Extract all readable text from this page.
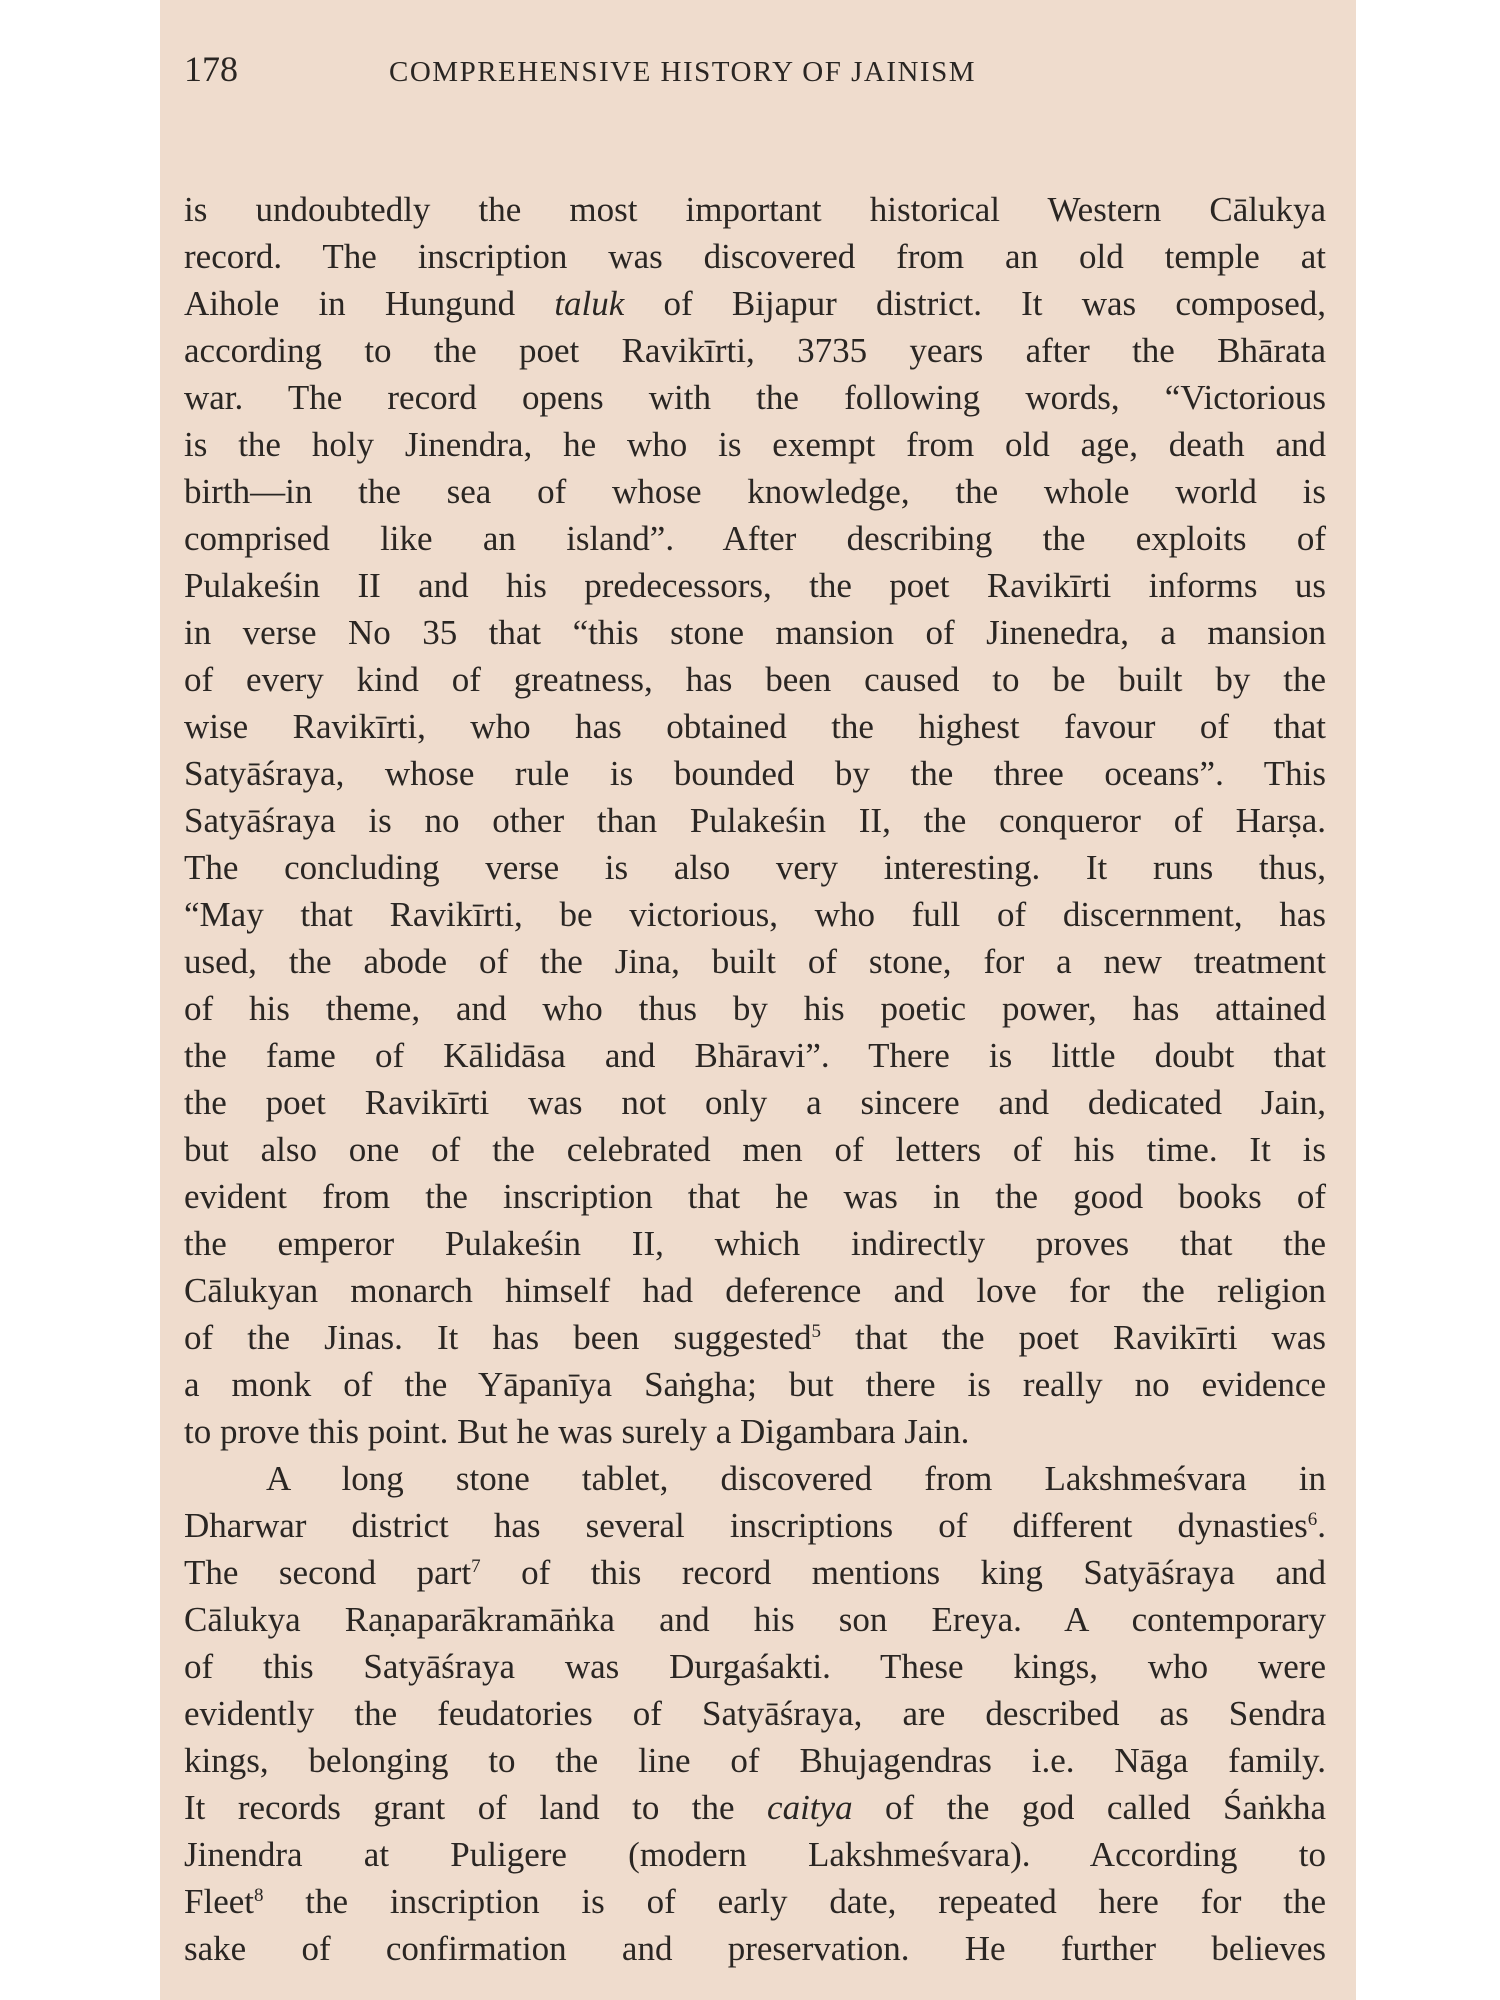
178	COMPREHENSIVE HISTORY OF JAINISM
is undoubtedly the most important historical Western Cālukya
record. The inscription was discovered from an old temple at
Aihole in Hungund taluk of Bijapur district. It was composed,
according to the poet Ravikīrti, 3735 years after the Bhārata
war. The record opens with the following words, “Victorious
is the holy Jinendra, he who is exempt from old age, death and
birth—in the sea of whose knowledge, the whole world is
comprised like an island”. After describing the exploits of
Pulakeśin II and his predecessors, the poet Ravikīrti informs us
in verse No 35 that “this stone mansion of Jinenedra, a mansion
of every kind of greatness, has been caused to be built by the
wise Ravikīrti, who has obtained the highest favour of that
Satyāśraya, whose rule is bounded by the three oceans”. This
Satyāśraya is no other than Pulakeśin II, the conqueror of Harṣa.
The concluding verse is also very interesting. It runs thus,
“May that Ravikīrti, be victorious, who full of discernment, has
used, the abode of the Jina, built of stone, for a new treatment
of his theme, and who thus by his poetic power, has attained
the fame of Kālidāsa and Bhāravi”. There is little doubt that
the poet Ravikīrti was not only a sincere and dedicated Jain,
but also one of the celebrated men of letters of his time. It is
evident from the inscription that he was in the good books of
the emperor Pulakeśin II, which indirectly proves that the
Cālukyan monarch himself had deference and love for the religion
of the Jinas. It has been suggested$^5$ that the poet Ravikīrti was
a monk of the Yāpanīya Saṅgha; but there is really no evidence
to prove this point. But he was surely a Digambara Jain.
A long stone tablet, discovered from Lakshmeśvara in
Dharwar district has several inscriptions of different dynasties$^6$.
The second part$^7$ of this record mentions king Satyāśraya and
Cālukya Raṇaparākramāṅka and his son Ereya. A contemporary
of this Satyāśraya was Durgaśakti. These kings, who were
evidently the feudatories of Satyāśraya, are described as Sendra
kings, belonging to the line of Bhujagendras i.e. Nāga family.
It records grant of land to the caitya of the god called Śaṅkha
Jinendra at Puligere (modern Lakshmeśvara). According to
Fleet$^8$ the inscription is of early date, repeated here for the
sake of confirmation and preservation. He further believes
